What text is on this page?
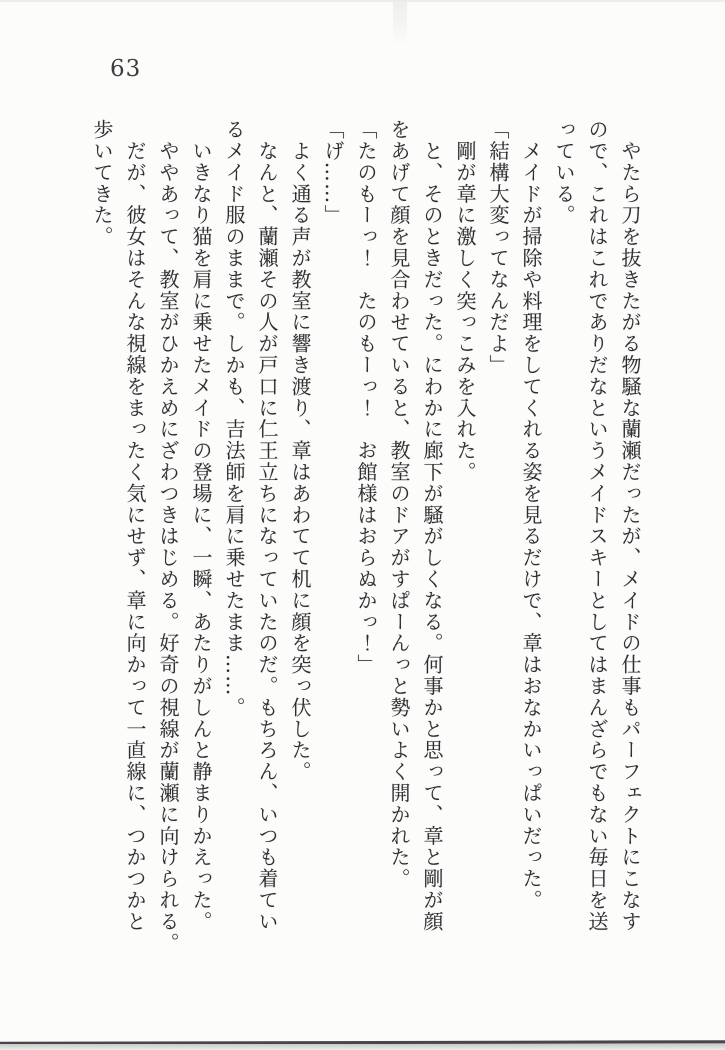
63

　やたら刀を抜きたがる物騒な蘭瀬だったが、メイドの仕事もパーフェクトにこなす

ので、これはこれでありだなというメイドスキーとしてはまんざらでもない毎日を送

っている。

　メイドが掃除や料理をしてくれる姿を見るだけで、章はおなかいっぱいだった。

「結構大変ってなんだよ」

　剛が章に激しく突っこみを入れた。

　と、そのときだった。にわかに廊下が騒がしくなる。何事かと思って、章と剛が顔

をあげて顔を見合わせていると、教室のドアがすぱーんっと勢いよく開かれた。

「たのもーっ！　たのもーっ！　お館様はおらぬかっ！」

「げ……」

　よく通る声が教室に響き渡り、章はあわてて机に顔を突っ伏した。

　なんと、蘭瀬その人が戸口に仁王立ちになっていたのだ。もちろん、いつも着てい

るメイド服のままで。しかも、吉法師を肩に乗せたまま……。

　いきなり猫を肩に乗せたメイドの登場に、一瞬、あたりがしんと静まりかえった。

　ややあって、教室がひかえめにざわつきはじめる。好奇の視線が蘭瀬に向けられる。

　だが、彼女はそんな視線をまったく気にせず、章に向かって一直線に、つかつかと

歩いてきた。
